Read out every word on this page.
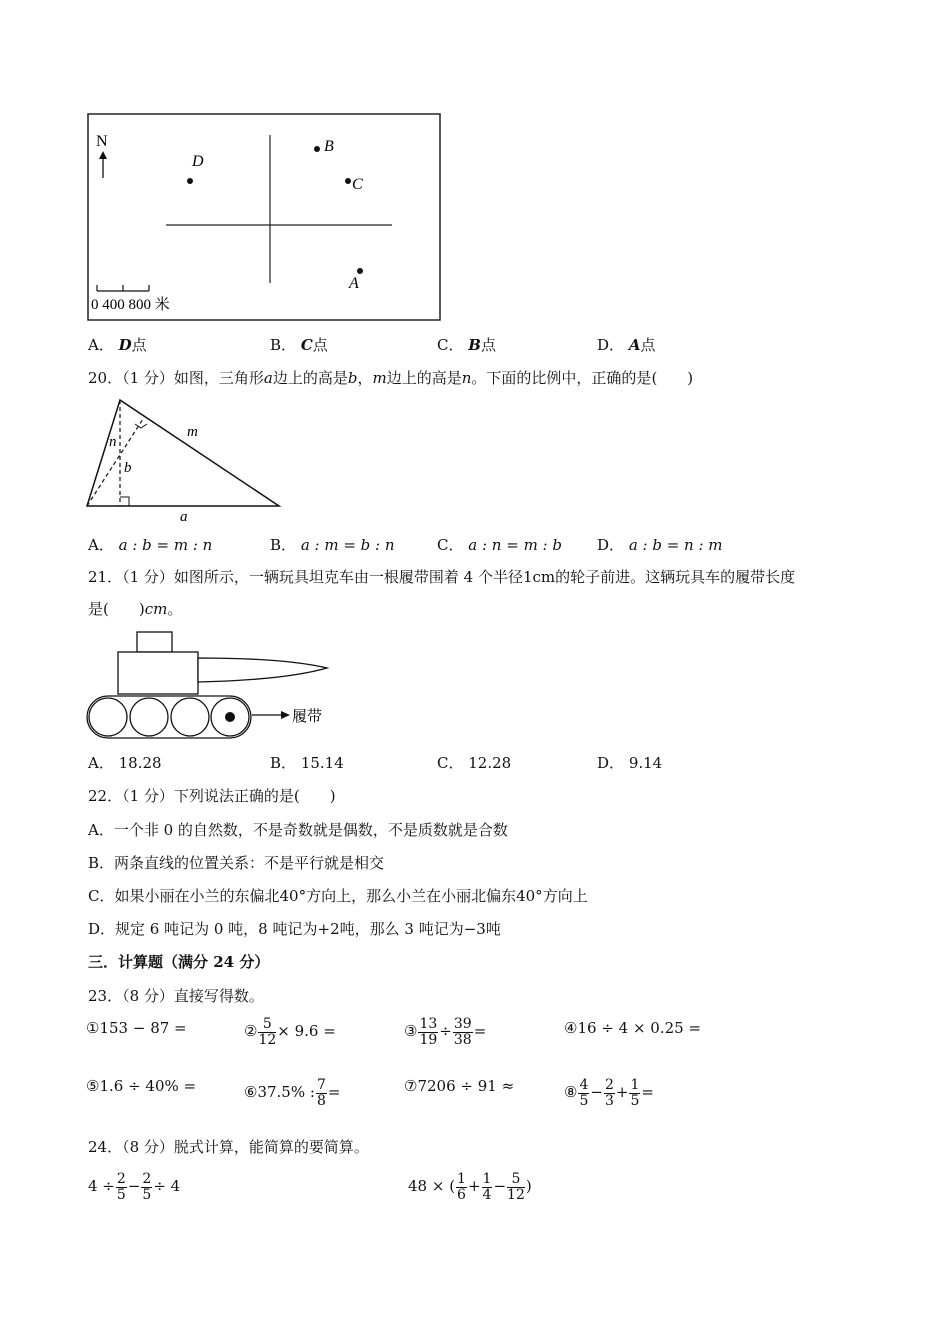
N
D
B
C
A
0 400 800 米
A． D点	B． C点	C． B点	D． A点
20．（1 分）如图，三角形a边上的高是b，m边上的高是n。下面的比例中，正确的是( )
n
b
m
a
A． a : b = m : n	B． a : m = b : n	C． a : n = m : b D． a : b = n : m
21．（1 分）如图所示，一辆玩具坦克车由一根履带围着 4 个半径1cm的轮子前进。这辆玩具车的履带长度
是( )cm。
履带
A． 18.28	B． 15.14	C． 12.28	D． 9.14
22．（1 分）下列说法正确的是( )
A．一个非 0 的自然数，不是奇数就是偶数，不是质数就是合数
B．两条直线的位置关系：不是平行就是相交
C．如果小丽在小兰的东偏北40°方向上，那么小兰在小丽北偏东40°方向上
D．规定 6 吨记为 0 吨，8 吨记为+2吨，那么 3 吨记为−3吨
三．计算题（满分 24 分）
23．（8 分）直接写得数。
①153 − 87 =	② $\frac{5}{12} \times 9.6$ =	③ $\frac{13}{19} \div \frac{39}{38}$ =	④16 ÷ 4 × 0.25 =
⑤1.6 ÷ 40% =	⑥37.5% : $\frac{7}{8}$ =	⑦7206 ÷ 91 ≈	⑧ $\frac{4}{5} - \frac{2}{3} + \frac{1}{5}$ =
24．（8 分）脱式计算，能简算的要简算。
$4 \div \frac{2}{5} - \frac{2}{5} \div 4$	48 × ( $\frac{1}{6} + \frac{1}{4} - \frac{5}{12}$ )
